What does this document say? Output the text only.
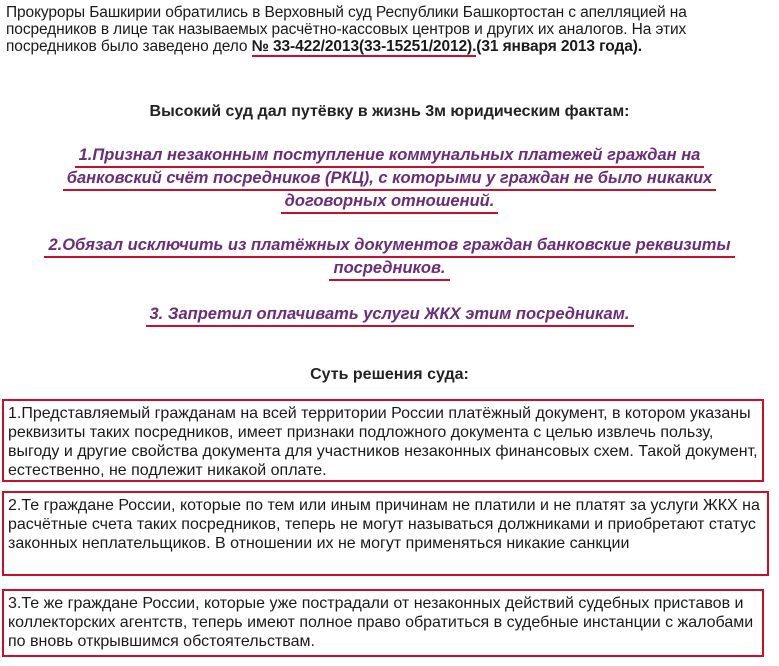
Прокуроры Башкирии обратились в Верховный суд Республики Башкортостан с апелляцией на посредников в лице так называемых расчётно-кассовых центров и других их аналогов. На этих посредников было заведено дело № 33-422/2013(33-15251/2012).(31 января 2013 года).
Высокий суд дал путёвку в жизнь 3м юридическим фактам:
1.Признал незаконным поступление коммунальных платежей граждан на
банковский счёт посредников (РКЦ), с которыми у граждан не было никаких
договорных отношений.
2.Обязал исключить из платёжных документов граждан банковские реквизиты
посредников.
3. Запретил оплачивать услуги ЖКХ этим посредникам.
Суть решения суда:
1.Представляемый гражданам на всей территории России платёжный документ, в котором указаны реквизиты таких посредников, имеет признаки подложного документа с целью извлечь пользу, выгоду и другие свойства документа для участников незаконных финансовых схем. Такой документ, естественно, не подлежит никакой оплате.
2.Те граждане России, которые по тем или иным причинам не платили и не платят за услуги ЖКХ на расчётные счета таких посредников, теперь не могут называться должниками и приобретают статус законных неплательщиков. В отношении их не могут применяться никакие санкции
3.Те же граждане России, которые уже пострадали от незаконных действий судебных приставов и коллекторских агентств, теперь имеют полное право обратиться в судебные инстанции с жалобами по вновь открывшимся обстоятельствам.
